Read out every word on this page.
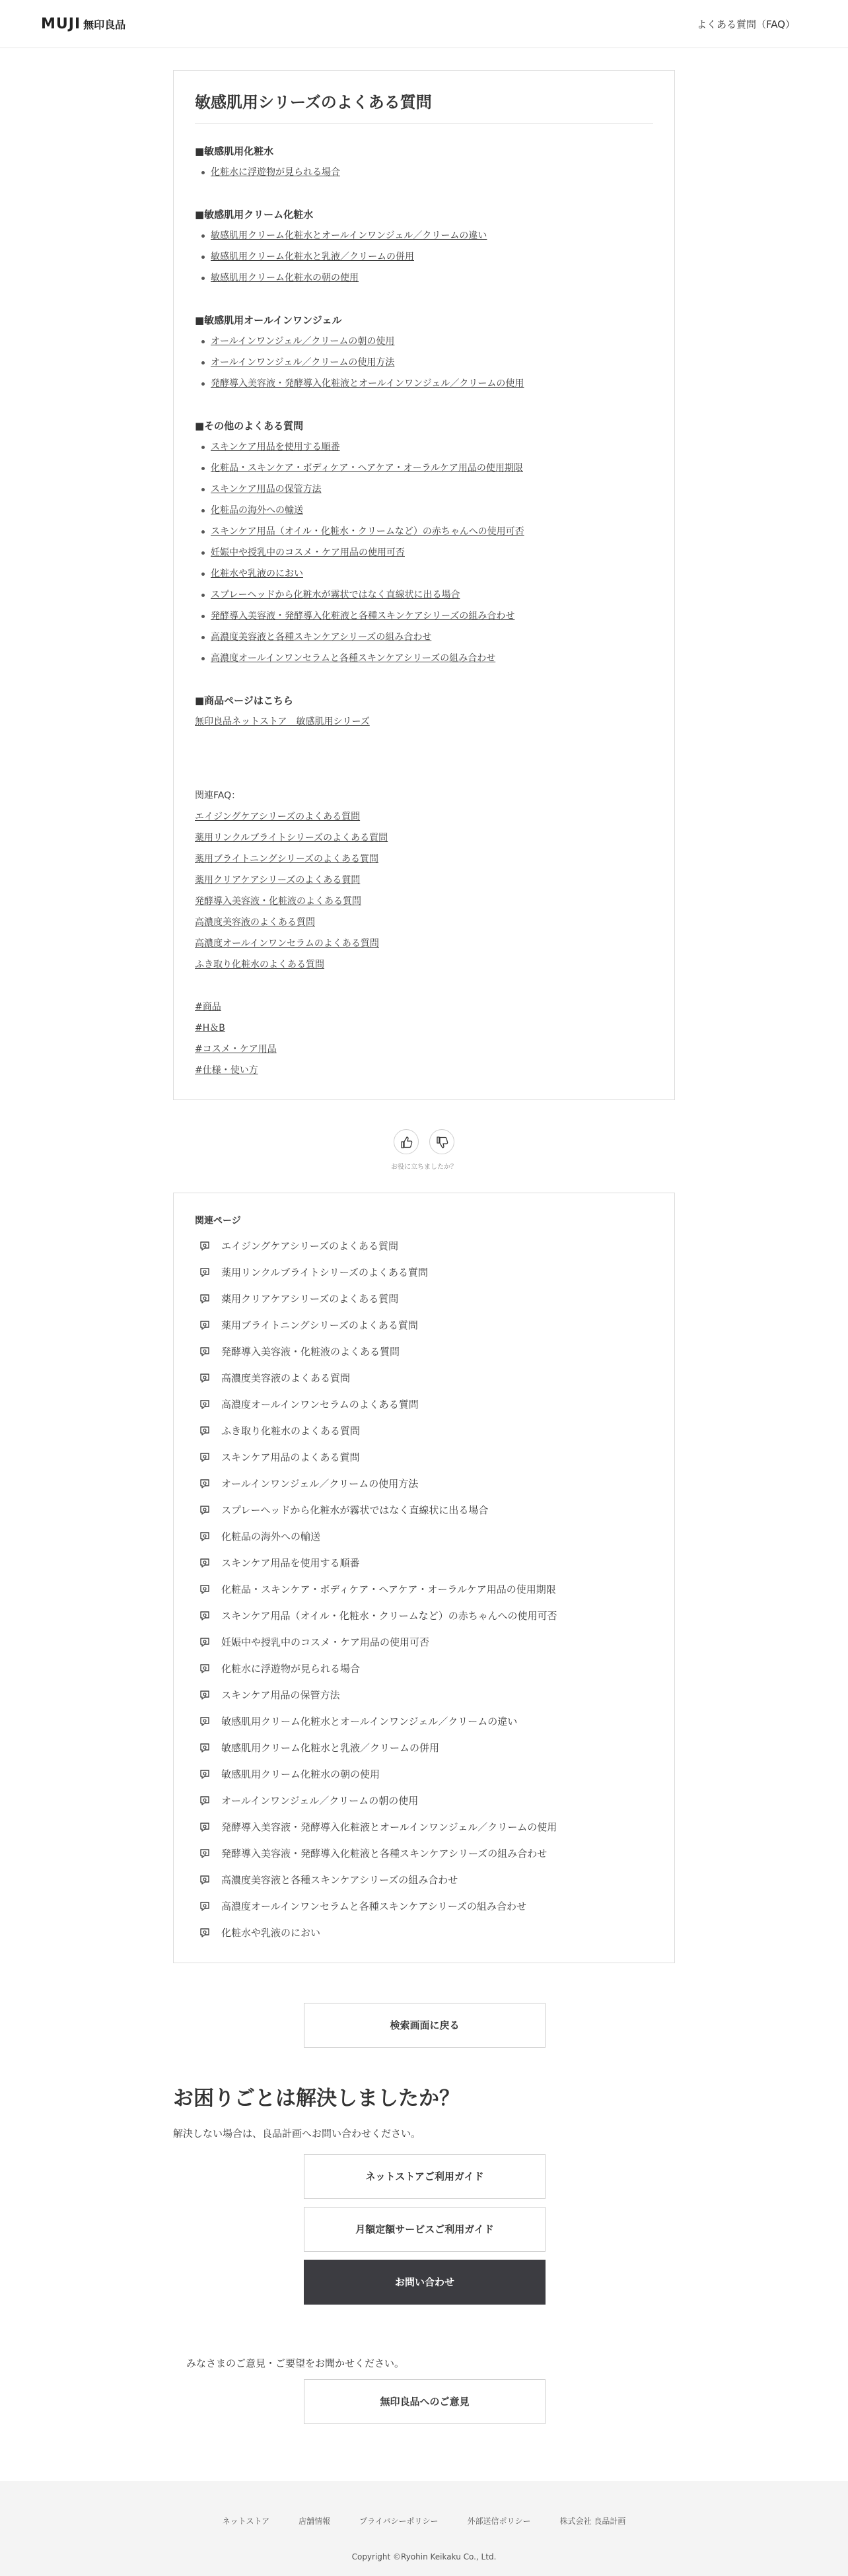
MUJI 無印良品	よくある質問（FAQ）
敏感肌用シリーズのよくある質問
■敏感肌用化粧水
化粧水に浮遊物が見られる場合
■敏感肌用クリーム化粧水
敏感肌用クリーム化粧水とオールインワンジェル／クリームの違い
敏感肌用クリーム化粧水と乳液／クリームの併用
敏感肌用クリーム化粧水の朝の使用
■敏感肌用オールインワンジェル
オールインワンジェル／クリームの朝の使用
オールインワンジェル／クリームの使用方法
発酵導入美容液・発酵導入化粧液とオールインワンジェル／クリームの使用
■その他のよくある質問
スキンケア用品を使用する順番
化粧品・スキンケア・ボディケア・ヘアケア・オーラルケア用品の使用期限
スキンケア用品の保管方法
化粧品の海外への輸送
スキンケア用品（オイル・化粧水・クリームなど）の赤ちゃんへの使用可否
妊娠中や授乳中のコスメ・ケア用品の使用可否
化粧水や乳液のにおい
スプレーヘッドから化粧水が霧状ではなく直線状に出る場合
発酵導入美容液・発酵導入化粧液と各種スキンケアシリーズの組み合わせ
高濃度美容液と各種スキンケアシリーズの組み合わせ
高濃度オールインワンセラムと各種スキンケアシリーズの組み合わせ
■商品ページはこちら
無印良品ネットストア　敏感肌用シリーズ
関連FAQ：
エイジングケアシリーズのよくある質問
薬用リンクルブライトシリーズのよくある質問
薬用ブライトニングシリーズのよくある質問
薬用クリアケアシリーズのよくある質問
発酵導入美容液・化粧液のよくある質問
高濃度美容液のよくある質問
高濃度オールインワンセラムのよくある質問
ふき取り化粧水のよくある質問
#商品
#H＆B
#コスメ・ケア用品
#仕様・使い方
お役に立ちましたか？
関連ページ
Q エイジングケアシリーズのよくある質問
Q 薬用リンクルブライトシリーズのよくある質問
Q 薬用クリアケアシリーズのよくある質問
Q 薬用ブライトニングシリーズのよくある質問
Q 発酵導入美容液・化粧液のよくある質問
Q 高濃度美容液のよくある質問
Q 高濃度オールインワンセラムのよくある質問
Q ふき取り化粧水のよくある質問
Q スキンケア用品のよくある質問
Q オールインワンジェル／クリームの使用方法
Q スプレーヘッドから化粧水が霧状ではなく直線状に出る場合
Q 化粧品の海外への輸送
Q スキンケア用品を使用する順番
Q 化粧品・スキンケア・ボディケア・ヘアケア・オーラルケア用品の使用期限
Q スキンケア用品（オイル・化粧水・クリームなど）の赤ちゃんへの使用可否
Q 妊娠中や授乳中のコスメ・ケア用品の使用可否
Q 化粧水に浮遊物が見られる場合
Q スキンケア用品の保管方法
Q 敏感肌用クリーム化粧水とオールインワンジェル／クリームの違い
Q 敏感肌用クリーム化粧水と乳液／クリームの併用
Q 敏感肌用クリーム化粧水の朝の使用
Q オールインワンジェル／クリームの朝の使用
Q 発酵導入美容液・発酵導入化粧液とオールインワンジェル／クリームの使用
Q 発酵導入美容液・発酵導入化粧液と各種スキンケアシリーズの組み合わせ
Q 高濃度美容液と各種スキンケアシリーズの組み合わせ
Q 高濃度オールインワンセラムと各種スキンケアシリーズの組み合わせ
Q 化粧水や乳液のにおい
検索画面に戻る
お困りごとは解決しましたか？

解決しない場合は、良品計画へお問い合わせください。

ネットストアご利用ガイド
月額定額サービスご利用ガイド
お問い合わせ

みなさまのご意見・ご要望をお聞かせください。

無印良品へのご意見
ネットストア	店舗情報	プライバシーポリシー	外部送信ポリシー	株式会社 良品計画
Copyright ©Ryohin Keikaku Co., Ltd.
